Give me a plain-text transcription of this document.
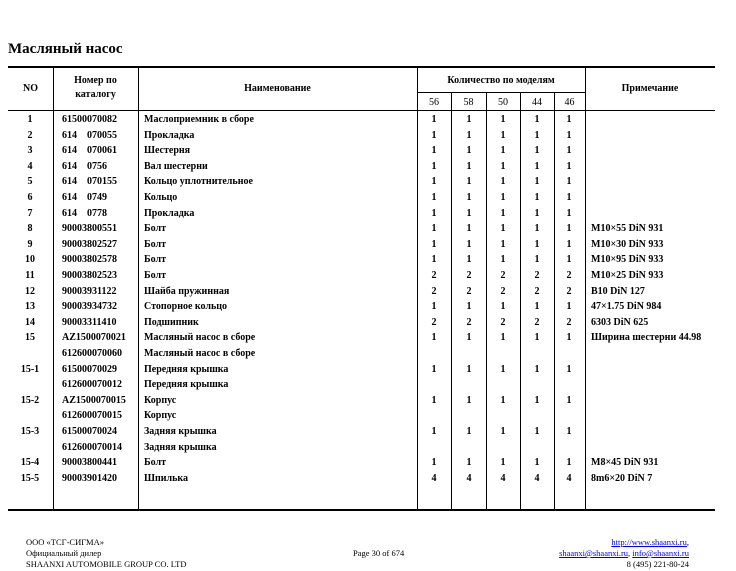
Масляный насос
NO
Номер по
каталогу
Наименование
Количество по моделям
56	58	50	44	46
Примечание
1	61500070082	Маслоприемник в сборе	1	1	1	1	1
2	614　070055	Прокладка	1	1	1	1	1
3	614　070061	Шестерня	1	1	1	1	1
4	614　0756	Вал шестерни	1	1	1	1	1
5	614　070155	Кольцо уплотнительное	1	1	1	1	1
6	614　0749	Кольцо	1	1	1	1	1
7	614　0778	Прокладка	1	1	1	1	1
8	90003800551	Болт	1	1	1	1	1	M10×55 DiN 931
9	90003802527	Болт	1	1	1	1	1	M10×30 DiN 933
10	90003802578	Болт	1	1	1	1	1	M10×95 DiN 933
11	90003802523	Болт	2	2	2	2	2	M10×25 DiN 933
12	90003931122	Шайба пружинная	2	2	2	2	2	B10 DiN 127
13	90003934732	Стопорное кольцо	1	1	1	1	1	47×1.75 DiN 984
14	90003311410	Подшипник	2	2	2	2	2	6303 DiN 625
15	AZ1500070021 Масляный насос в сборе	1	1	1	1	1	Ширина шестерни 44.98
612600070060 Масляный насос в сборе
15-1	61500070029	Передняя крышка	1	1	1	1	1
612600070012 Передняя крышка
15-2	AZ1500070015 Корпус	1	1	1	1	1
612600070015 Корпус
15-3	61500070024	Задняя крышка	1	1	1	1	1
612600070014 Задняя крышка
15-4	90003800441	Болт	1	1	1	1	1	M8×45 DiN 931
15-5	90003901420	Шпилька	4	4	4	4	4	8m6×20 DiN 7
ООО «ТСГ-СИГМА»
Официальный дилер
SHAANXI AUTOMOBILE GROUP CO. LTD
Page 30 of 674
http://www.shaanxi.ru,
shaanxi@shaanxi.ru, info@shaanxi.ru
8 (495) 221-80-24
